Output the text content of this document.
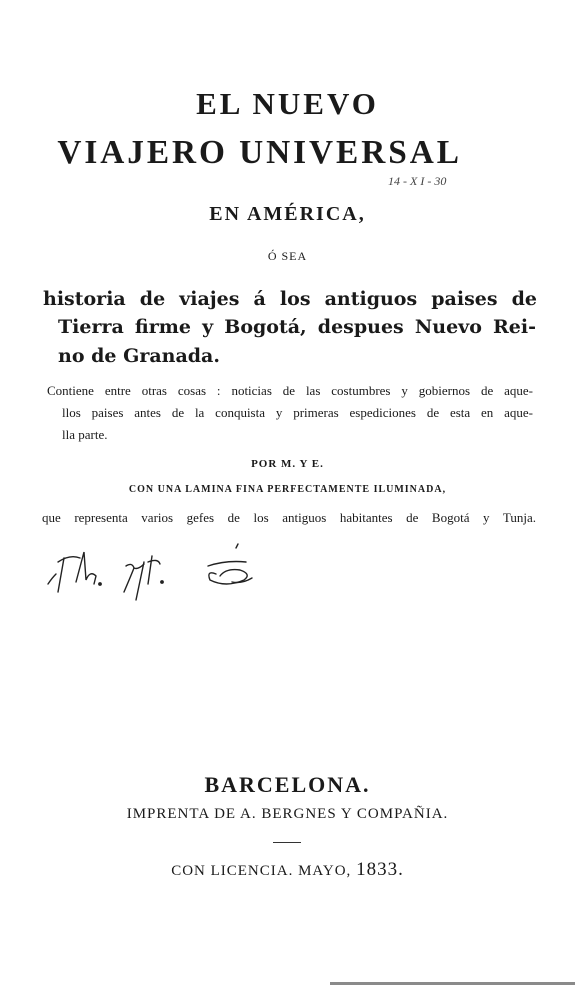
EL NUEVO
VIAJERO UNIVERSAL
14 - X I - 30
EN AMÉRICA,
Ó SEA
historia de viajes á los antiguos paises de
Tierra firme y Bogotá, despues Nuevo Rei-
no de Granada.
Contiene entre otras cosas : noticias de las costumbres y gobiernos de aque-
llos paises antes de la conquista y primeras espediciones de esta en aque-
lla parte.
POR M. Y E.
CON UNA LAMINA FINA PERFECTAMENTE ILUMINADA,
que representa varios gefes de los antiguos habitantes de Bogotá y Tunja.
BARCELONA.
IMPRENTA DE A. BERGNES Y COMPAÑIA.
CON LICENCIA. MAYO, 1833.
